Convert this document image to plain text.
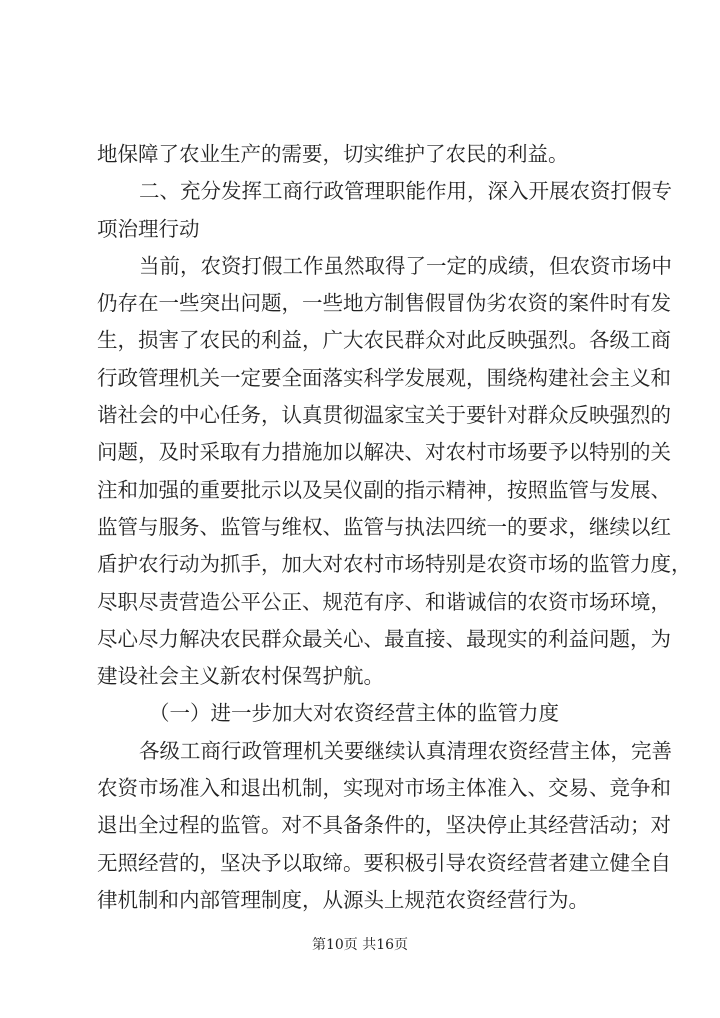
地保障了农业生产的需要，切实维护了农民的利益。
二、充分发挥工商行政管理职能作用，深入开展农资打假专
项治理行动
当前，农资打假工作虽然取得了一定的成绩，但农资市场中
仍存在一些突出问题，一些地方制售假冒伪劣农资的案件时有发
生，损害了农民的利益，广大农民群众对此反映强烈。各级工商
行政管理机关一定要全面落实科学发展观，围绕构建社会主义和
谐社会的中心任务，认真贯彻温家宝关于要针对群众反映强烈的
问题，及时采取有力措施加以解决、对农村市场要予以特别的关
注和加强的重要批示以及吴仪副的指示精神，按照监管与发展、
监管与服务、监管与维权、监管与执法四统一的要求，继续以红
盾护农行动为抓手，加大对农村市场特别是农资市场的监管力度，
尽职尽责营造公平公正、规范有序、和谐诚信的农资市场环境，
尽心尽力解决农民群众最关心、最直接、最现实的利益问题，为
建设社会主义新农村保驾护航。
（一）进一步加大对农资经营主体的监管力度
各级工商行政管理机关要继续认真清理农资经营主体，完善
农资市场准入和退出机制，实现对市场主体准入、交易、竞争和
退出全过程的监管。对不具备条件的，坚决停止其经营活动；对
无照经营的，坚决予以取缔。要积极引导农资经营者建立健全自
律机制和内部管理制度，从源头上规范农资经营行为。
第10页 共16页
